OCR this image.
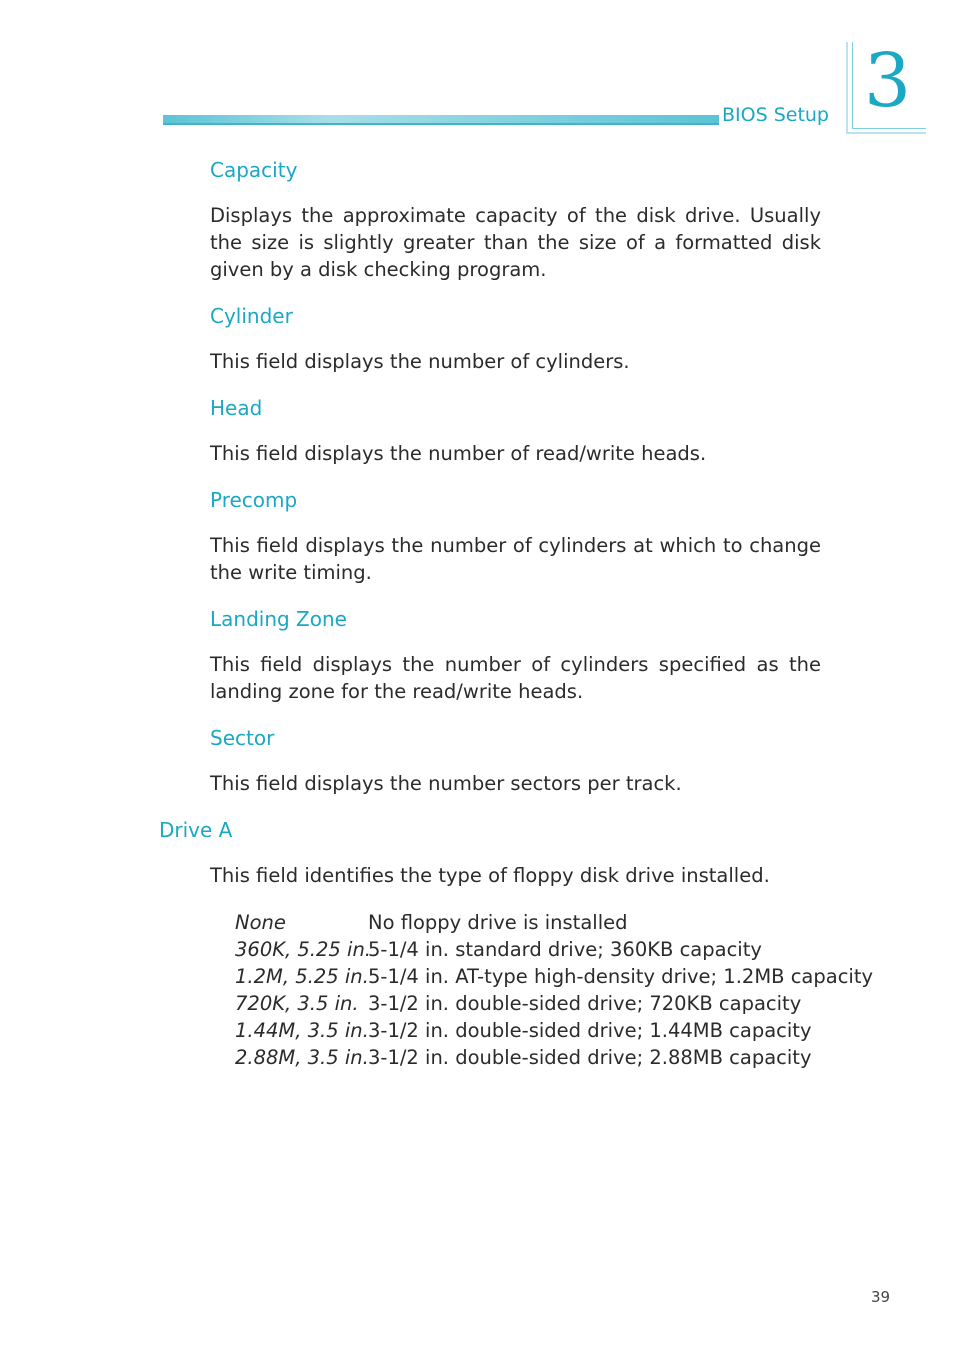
BIOS Setup 3
Capacity
Displays the approximate capacity of the disk drive. Usually the size is slightly greater than the size of a formatted disk given by a disk checking program.
Cylinder
This field displays the number of cylinders.
Head
This field displays the number of read/write heads.
Precomp
This field displays the number of cylinders at which to change the write timing.
Landing Zone
This field displays the number of cylinders specified as the landing zone for the read/write heads.
Sector
This field displays the number sectors per track.
Drive A
This field identifies the type of floppy disk drive installed.
None	No floppy drive is installed
360K, 5.25 in.
5-1/4 in. standard drive; 360KB capacity
1.2M, 5.25 in. 5-1/4 in. AT-type high-density drive; 1.2MB capacity
720K, 3.5 in. 3-1/2 in. double-sided drive; 720KB capacity
1.44M, 3.5 in. 3-1/2 in. double-sided drive; 1.44MB capacity
2.88M, 3.5 in. 3-1/2 in. double-sided drive; 2.88MB capacity
39
